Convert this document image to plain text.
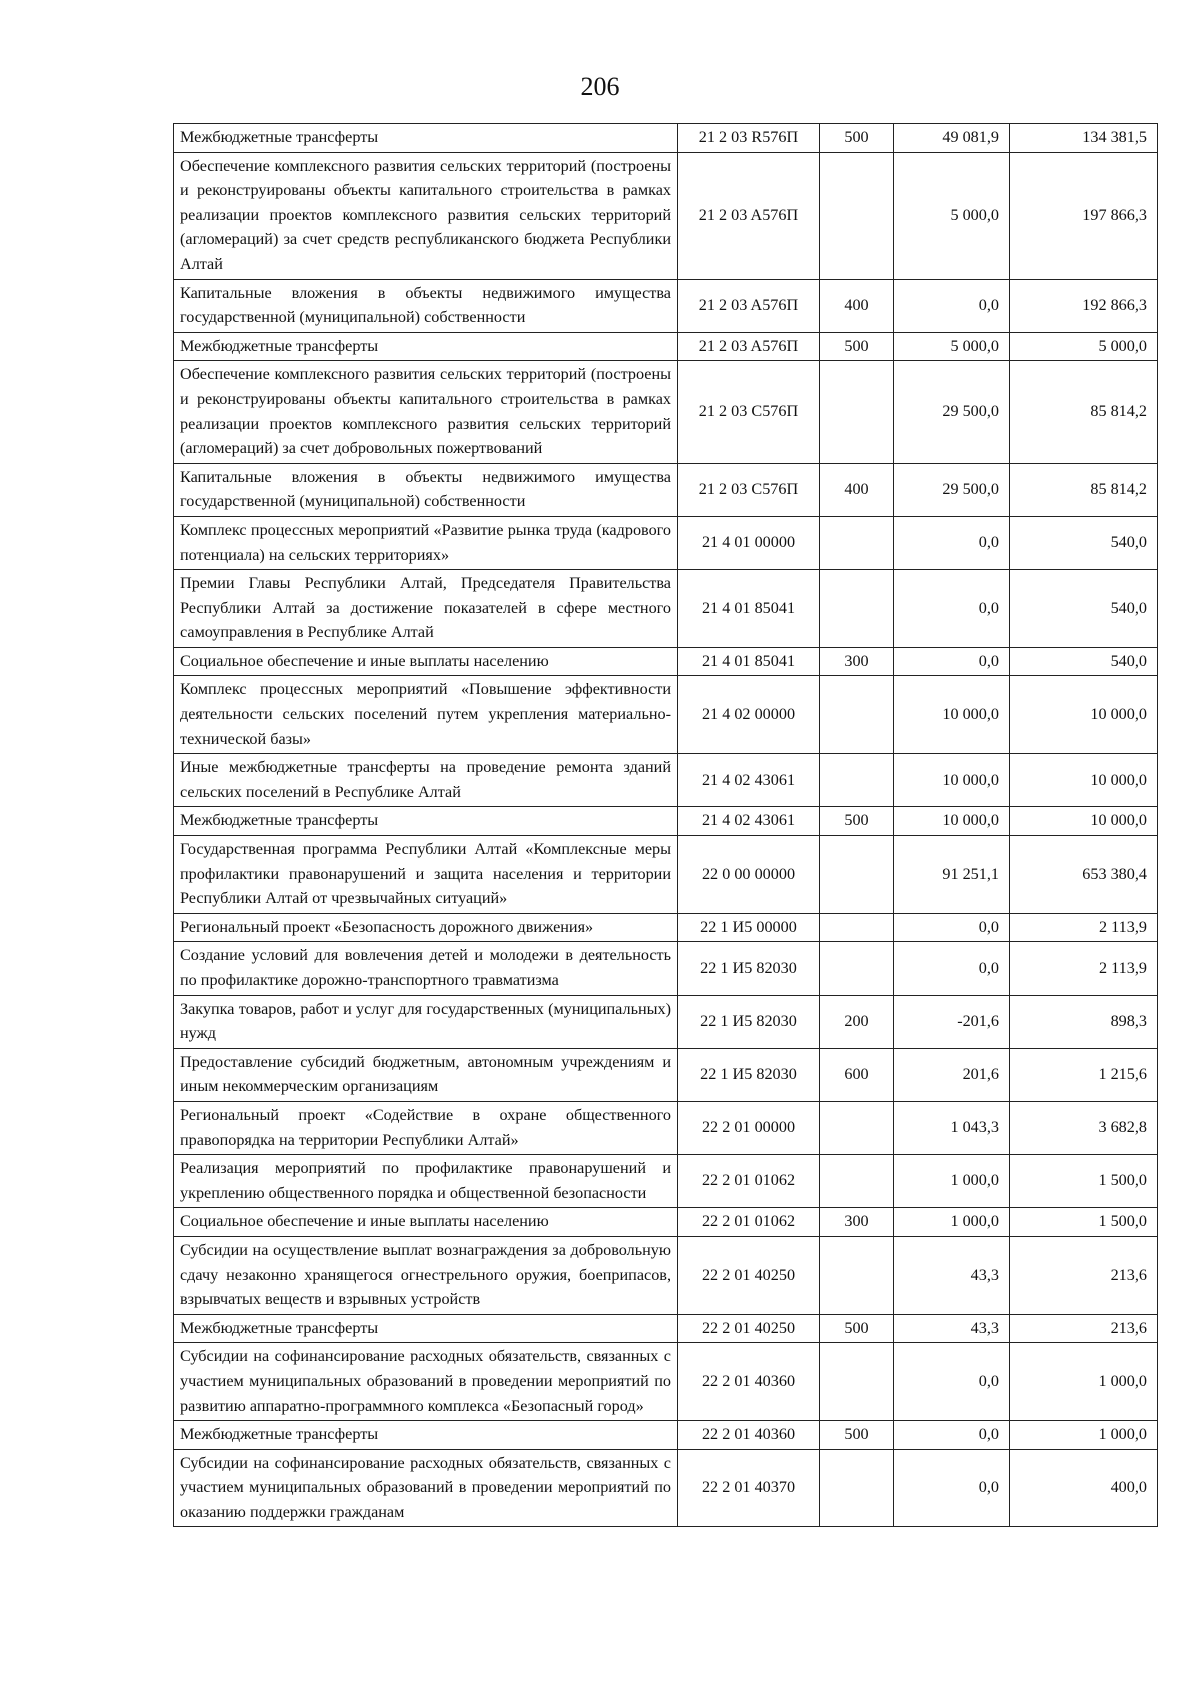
206
Межбюджетные трансферты	21 2 03 R576П	500	49 081,9	134 381,5
Обеспечение комплексного развития сельских территорий (построены и реконструированы объекты капитального строительства в рамках реализации проектов комплексного развития сельских территорий (агломераций) за счет средств республиканского бюджета Республики Алтай	21 2 03 A576П		5 000,0	197 866,3
Капитальные вложения в объекты недвижимого имущества государственной (муниципальной) собственности	21 2 03 A576П	400	0,0	192 866,3
Межбюджетные трансферты	21 2 03 A576П	500	5 000,0	5 000,0
Обеспечение комплексного развития сельских территорий (построены и реконструированы объекты капитального строительства в рамках реализации проектов комплексного развития сельских территорий (агломераций) за счет добровольных пожертвований	21 2 03 C576П		29 500,0	85 814,2
Капитальные вложения в объекты недвижимого имущества государственной (муниципальной) собственности	21 2 03 C576П	400	29 500,0	85 814,2
Комплекс процессных мероприятий «Развитие рынка труда (кадрового потенциала) на сельских территориях»	21 4 01 00000		0,0	540,0
Премии Главы Республики Алтай, Председателя Правительства Республики Алтай за достижение показателей в сфере местного самоуправления в Республике Алтай	21 4 01 85041		0,0	540,0
Социальное обеспечение и иные выплаты населению	21 4 01 85041	300	0,0	540,0
Комплекс процессных мероприятий «Повышение эффективности деятельности сельских поселений путем укрепления материально-технической базы»	21 4 02 00000		10 000,0	10 000,0
Иные межбюджетные трансферты на проведение ремонта зданий сельских поселений в Республике Алтай	21 4 02 43061		10 000,0	10 000,0
Межбюджетные трансферты	21 4 02 43061	500	10 000,0	10 000,0
Государственная программа Республики Алтай «Комплексные меры профилактики правонарушений и защита населения и территории Республики Алтай от чрезвычайных ситуаций»	22 0 00 00000		91 251,1	653 380,4
Региональный проект «Безопасность дорожного движения»	22 1 И5 00000		0,0	2 113,9
Создание условий для вовлечения детей и молодежи в деятельность по профилактике дорожно-транспортного травматизма	22 1 И5 82030		0,0	2 113,9
Закупка товаров, работ и услуг для государственных (муниципальных) нужд	22 1 И5 82030	200	-201,6	898,3
Предоставление субсидий бюджетным, автономным учреждениям и иным некоммерческим организациям	22 1 И5 82030	600	201,6	1 215,6
Региональный проект «Содействие в охране общественного правопорядка на территории Республики Алтай»	22 2 01 00000		1 043,3	3 682,8
Реализация мероприятий по профилактике правонарушений и укреплению общественного порядка и общественной безопасности	22 2 01 01062		1 000,0	1 500,0
Социальное обеспечение и иные выплаты населению	22 2 01 01062	300	1 000,0	1 500,0
Субсидии на осуществление выплат вознаграждения за добровольную сдачу незаконно хранящегося огнестрельного оружия, боеприпасов, взрывчатых веществ и взрывных устройств	22 2 01 40250		43,3	213,6
Межбюджетные трансферты	22 2 01 40250	500	43,3	213,6
Субсидии на софинансирование расходных обязательств, связанных с участием муниципальных образований в проведении мероприятий по развитию аппаратно-программного комплекса «Безопасный город»	22 2 01 40360		0,0	1 000,0
Межбюджетные трансферты	22 2 01 40360	500	0,0	1 000,0
Субсидии на софинансирование расходных обязательств, связанных с участием муниципальных образований в проведении мероприятий по оказанию поддержки гражданам	22 2 01 40370		0,0	400,0
